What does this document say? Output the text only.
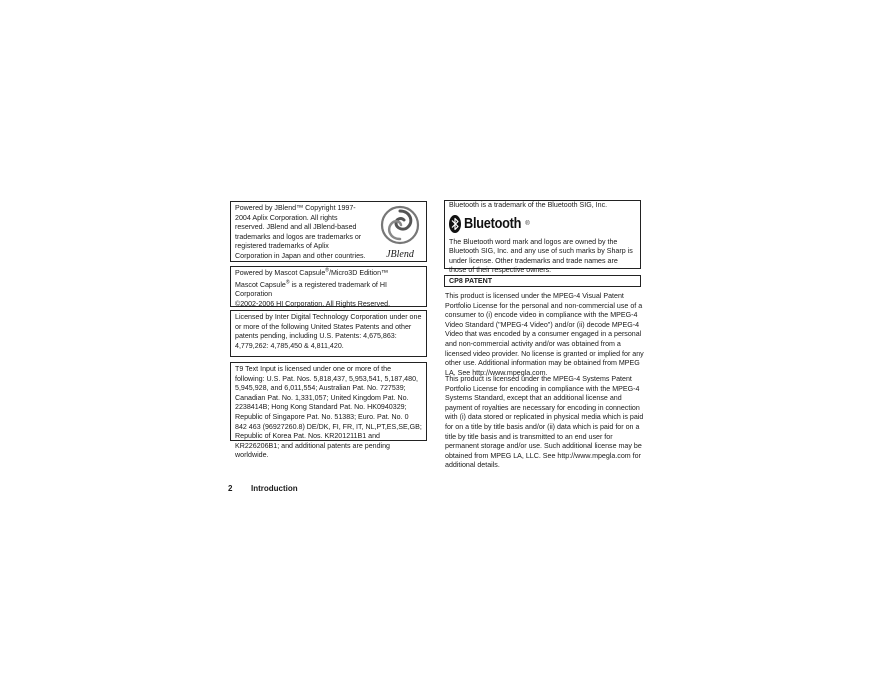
Powered by JBlend™ Copyright 1997-2004 Aplix Corporation. All rights reserved. JBlend and all JBlend-based trademarks and logos are trademarks or registered trademarks of Aplix Corporation in Japan and other countries.	JBlend

Powered by Mascot Capsule®/Micro3D Edition™

Mascot Capsule® is a registered trademark of HI Corporation

©2002-2006 HI Corporation. All Rights Reserved.

Licensed by Inter Digital Technology Corporation under one or more of the following United States Patents and other patents pending, including U.S. Patents: 4,675,863: 4,779,262: 4,785,450 & 4,811,420.

T9 Text Input is licensed under one or more of the following: U.S. Pat. Nos. 5,818,437, 5,953,541, 5,187,480, 5,945,928, and 6,011,554; Australian Pat. No. 727539; Canadian Pat. No. 1,331,057; United Kingdom Pat. No. 2238414B; Hong Kong Standard Pat. No. HK0940329; Republic of Singapore Pat. No. 51383; Euro. Pat. No. 0 842 463 (96927260.8) DE/DK, FI, FR, IT, NL,PT,ES,SE,GB; Republic of Korea Pat. Nos. KR201211B1 and KR226206B1; and additional patents are pending worldwide.

Bluetooth is a trademark of the Bluetooth SIG, Inc.

Bluetooth ®

The Bluetooth word mark and logos are owned by the Bluetooth SIG, Inc. and any use of such marks by Sharp is under license. Other trademarks and trade names are those of their respective owners.

CP8 PATENT

This product is licensed under the MPEG-4 Visual Patent Portfolio License for the personal and non-commercial use of a consumer to (i) encode video in compliance with the MPEG-4 Video Standard ("MPEG-4 Video") and/or (ii) decode MPEG-4 Video that was encoded by a consumer engaged in a personal and non-commercial activity and/or was obtained from a licensed video provider. No license is granted or implied for any other use. Additional information may be obtained from MPEG LA. See http://www.mpegla.com.

This product is licensed under the MPEG-4 Systems Patent Portfolio License for encoding in compliance with the MPEG-4 Systems Standard, except that an additional license and payment of royalties are necessary for encoding in connection with (i) data stored or replicated in physical media which is paid for on a title by title basis and/or (ii) data which is paid for on a title by title basis and is transmitted to an end user for permanent storage and/or use. Such additional license may be obtained from MPEG LA, LLC. See http://www.mpegla.com for additional details.

2 Introduction
